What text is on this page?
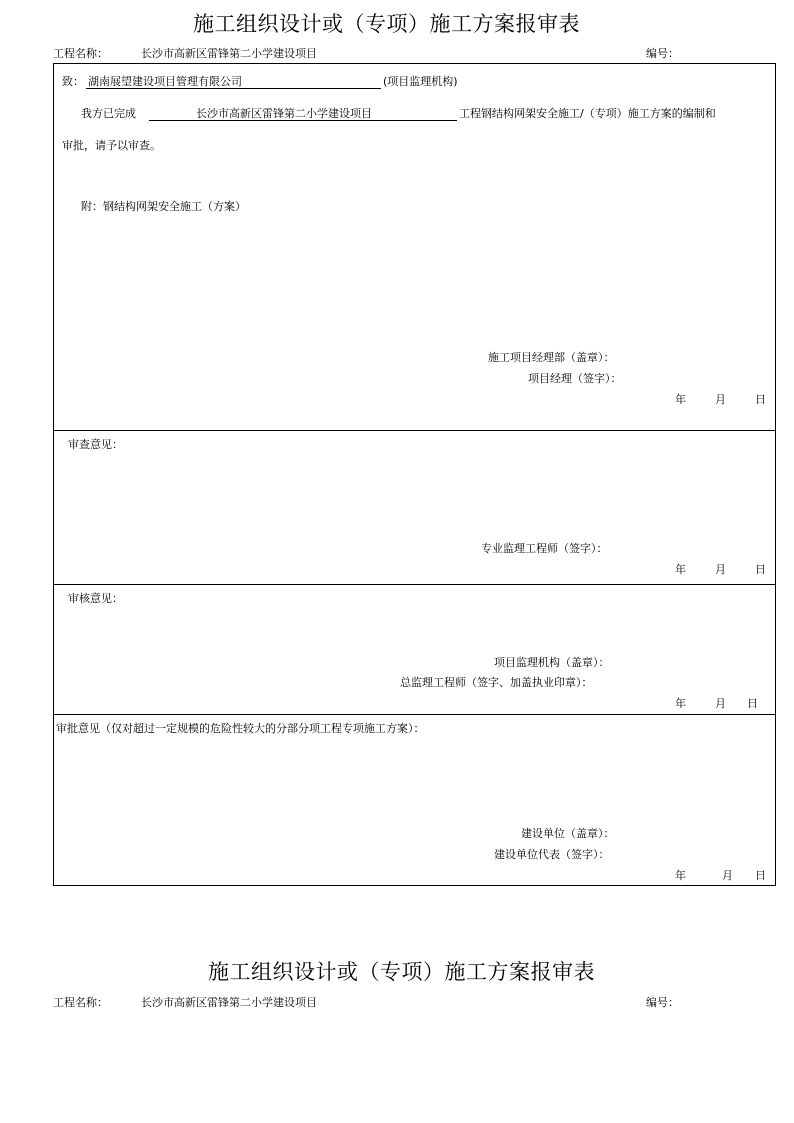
施工组织设计或（专项）施工方案报审表
工程名称：	长沙市高新区雷锋第二小学建设项目	编号：
致： 湖南展望建设项目管理有限公司	(项目监理机构)
我方已完成	长沙市高新区雷锋第二小学建设项目	工程钢结构网架安全施工/（专项）施工方案的编制和
审批，请予以审查。
附：钢结构网架安全施工（方案）
施工项目经理部（盖章）：
项目经理（签字）：
年	月	日
审查意见：
专业监理工程师（签字）：
年	月	日
审核意见：
项目监理机构（盖章）：
总监理工程师（签字、加盖执业印章）：
年	月 日
审批意见（仅对超过一定规模的危险性较大的分部分项工程专项施工方案）：
建设单位（盖章）：
建设单位代表（签字）：
年	月 日
施工组织设计或（专项）施工方案报审表
工程名称：	长沙市高新区雷锋第二小学建设项目	编号：
